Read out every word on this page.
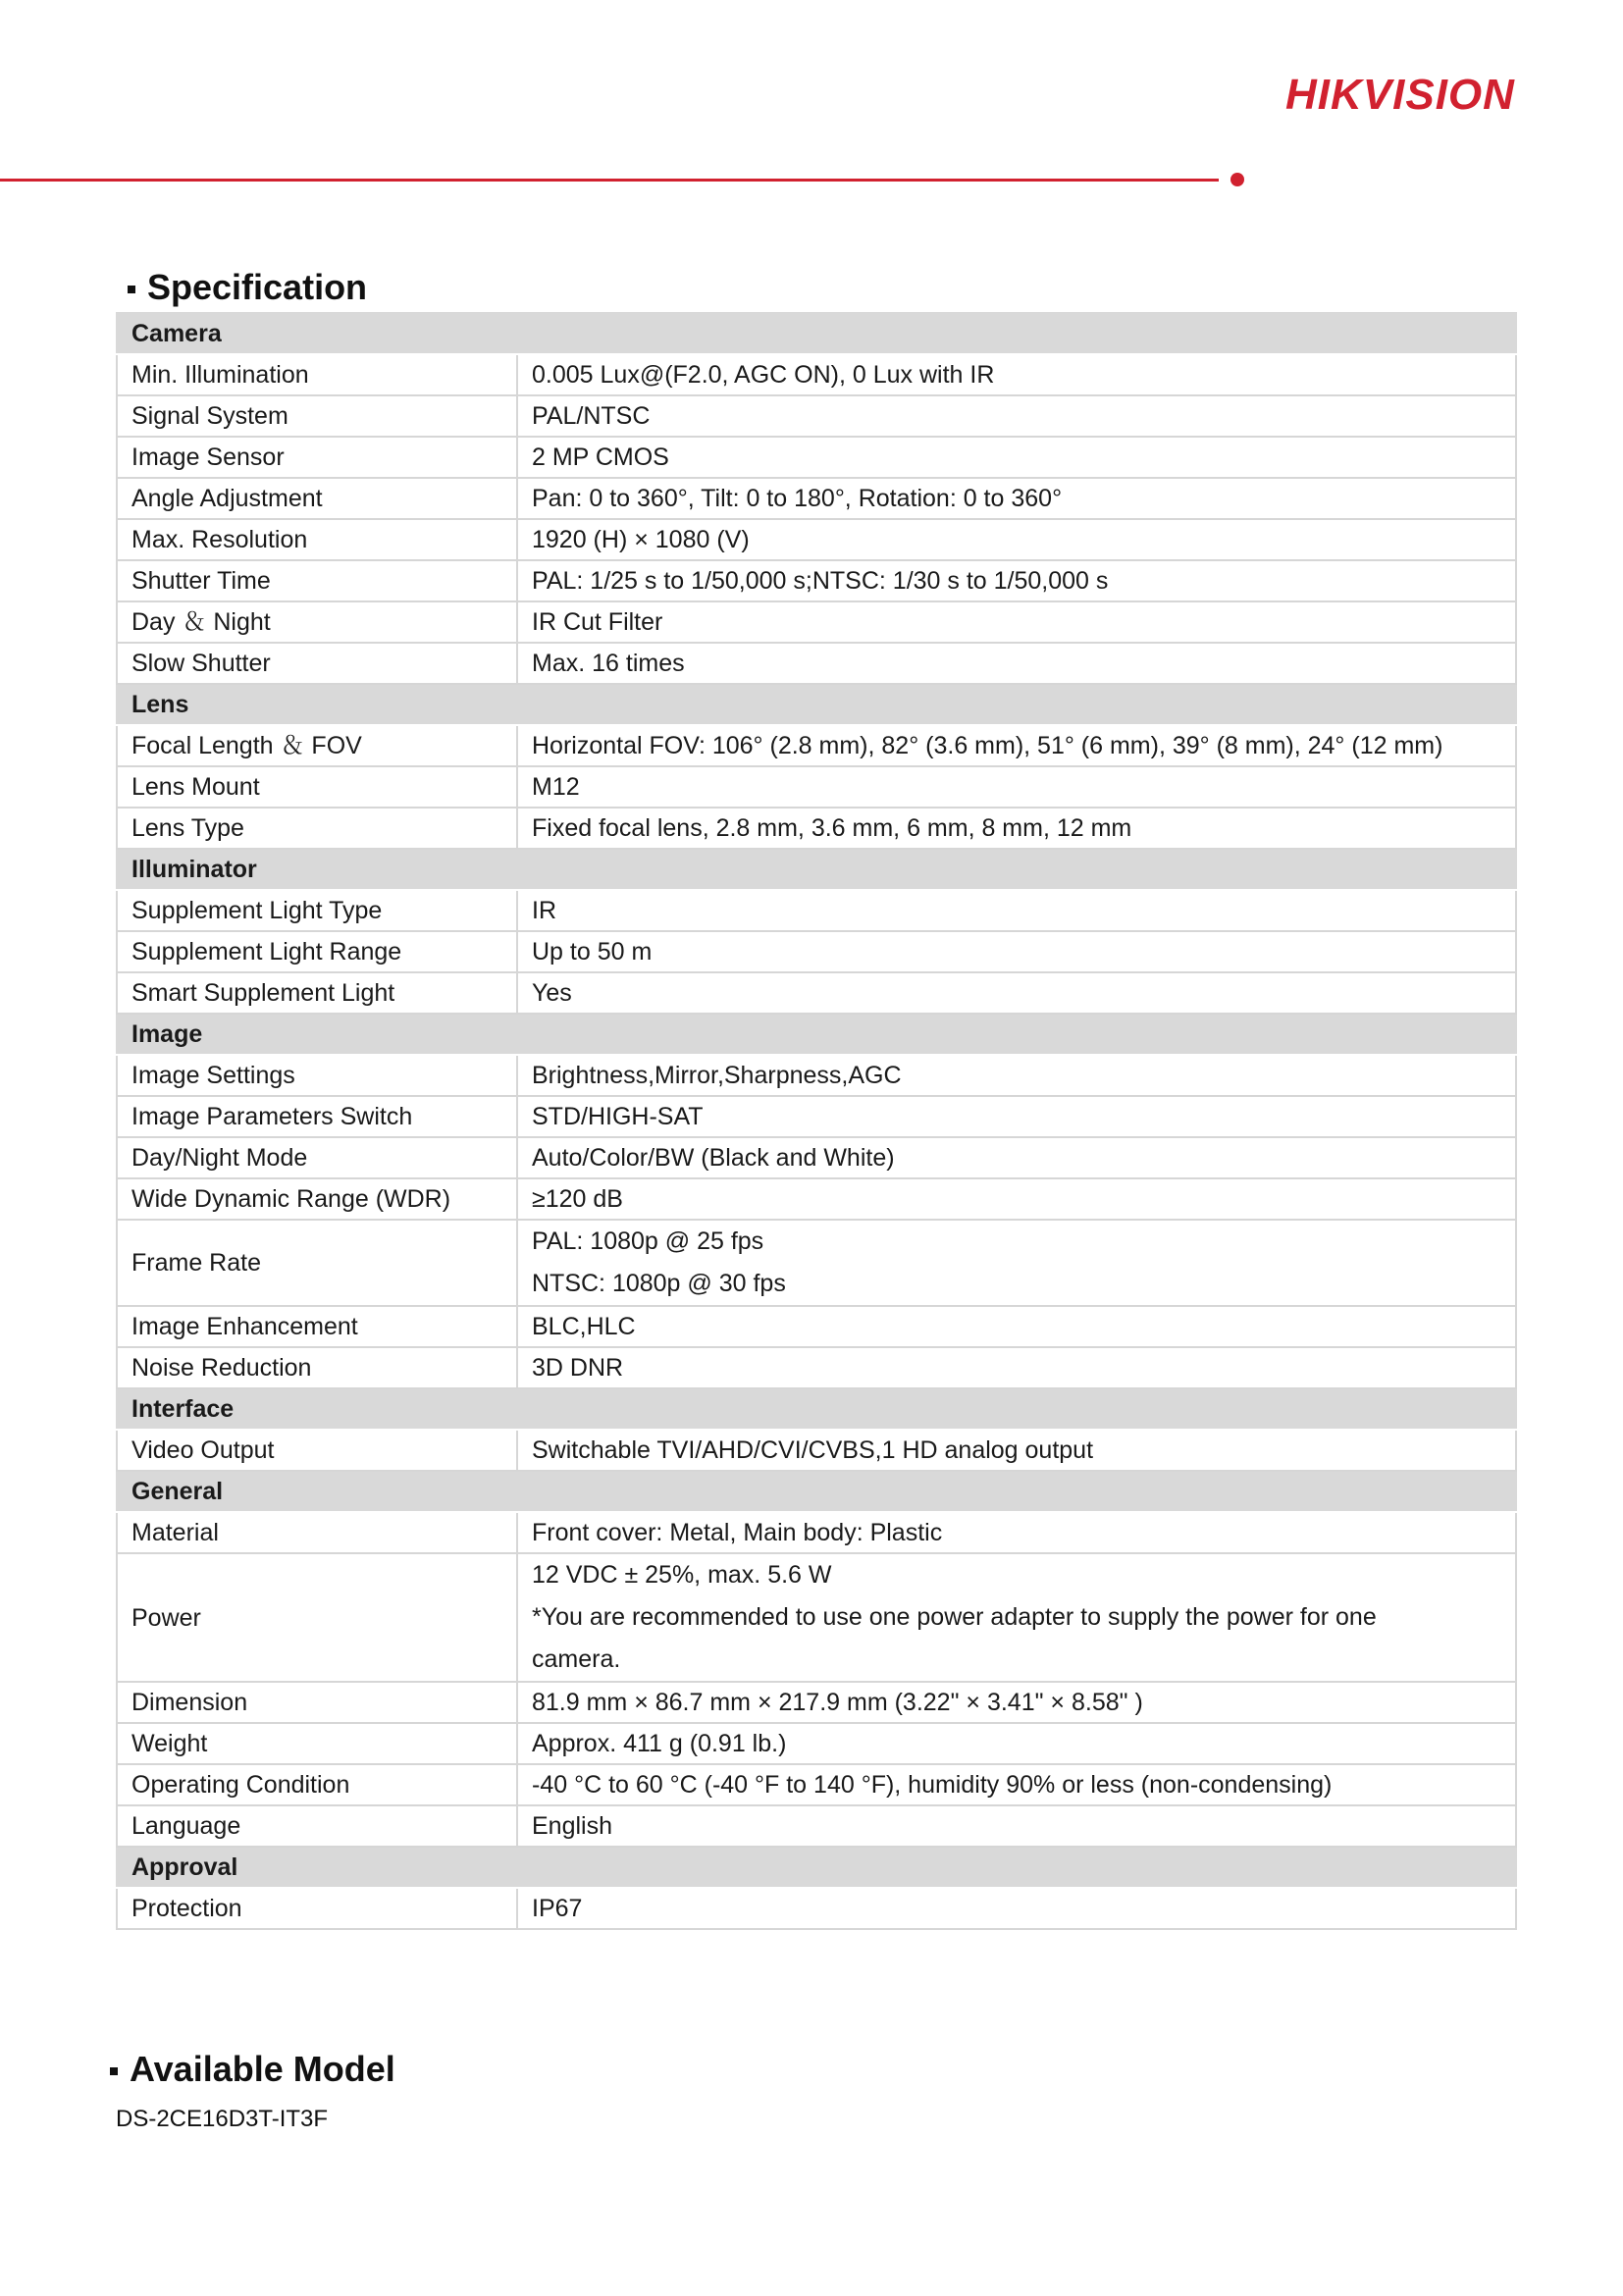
HIKVISION
Specification
Camera	
Min. Illumination	0.005 Lux@(F2.0, AGC ON), 0 Lux with IR
Signal System	PAL/NTSC
Image Sensor	2 MP CMOS
Angle Adjustment	Pan: 0 to 360°, Tilt: 0 to 180°, Rotation: 0 to 360°
Max. Resolution	1920 (H) × 1080 (V)
Shutter Time	PAL: 1/25 s to 1/50,000 s;NTSC: 1/30 s to 1/50,000 s
Day ＆ Night	IR Cut Filter
Slow Shutter	Max. 16 times
Lens	
Focal Length ＆ FOV	Horizontal FOV: 106° (2.8 mm), 82° (3.6 mm), 51° (6 mm), 39° (8 mm), 24° (12 mm)
Lens Mount	M12
Lens Type	Fixed focal lens, 2.8 mm, 3.6 mm, 6 mm, 8 mm, 12 mm
Illuminator	
Supplement Light Type	IR
Supplement Light Range	Up to 50 m
Smart Supplement Light	Yes
Image	
Image Settings	Brightness,Mirror,Sharpness,AGC
Image Parameters Switch	STD/HIGH-SAT
Day/Night Mode	Auto/Color/BW (Black and White)
Wide Dynamic Range (WDR)	≥120 dB
Frame Rate	PAL: 1080p @ 25 fps
NTSC: 1080p @ 30 fps

Image Enhancement	BLC,HLC
Noise Reduction	3D DNR
Interface	
Video Output	Switchable TVI/AHD/CVI/CVBS,1 HD analog output
General	
Material	Front cover: Metal, Main body: Plastic
Power	12 VDC ± 25%, max. 5.6 W
*You are recommended to use one power adapter to supply the power for one
camera.

Dimension	81.9 mm × 86.7 mm × 217.9 mm (3.22" × 3.41" × 8.58" )
Weight	Approx. 411 g (0.91 lb.)
Operating Condition	-40 °C to 60 °C (-40 °F to 140 °F), humidity 90% or less (non-condensing)
Language	English
Approval	
Protection	IP67
Available Model
DS-2CE16D3T-IT3F
